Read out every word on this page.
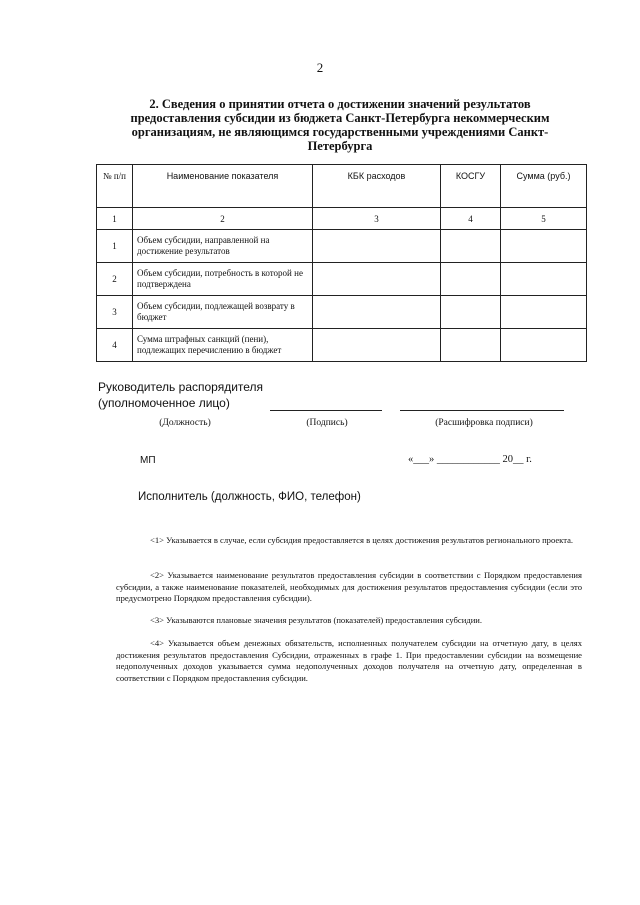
2
2. Сведения о принятии отчета о достижении значений результатов предоставления субсидии из бюджета Санкт-Петербурга некоммерческим организациям, не являющимся государственными учреждениями Санкт-Петербурга
№ п/п	Наименование показателя	КБК расходов	КОСГУ	Сумма (руб.)
1	2	3	4	5
1	Объем субсидии, направленной на достижение результатов			
2	Объем субсидии, потребность в которой не подтверждена			
3	Объем субсидии, подлежащей возврату в бюджет			
4	Сумма штрафных санкций (пени), подлежащих перечислению в бюджет			
Руководитель распорядителя
(уполномоченное лицо)
(Должность)	(Подпись)	(Расшифровка подписи)
МП	«___» ____________ 20__ г.
Исполнитель (должность, ФИО, телефон)
<1> Указывается в случае, если субсидия предоставляется в целях достижения результатов регионального проекта.
<2> Указывается наименование результатов предоставления субсидии в соответствии с Порядком предоставления субсидии, а также наименование показателей, необходимых для достижения результатов предоставления субсидии (если это предусмотрено Порядком предоставления субсидии).
<3> Указываются плановые значения результатов (показателей) предоставления субсидии.
<4> Указывается объем денежных обязательств, исполненных получателем субсидии на отчетную дату, в целях достижения результатов предоставления Субсидии, отраженных в графе 1. При предоставлении субсидии на возмещение недополученных доходов указывается сумма недополученных доходов получателя на отчетную дату, определенная в соответствии с Порядком предоставления субсидии.
